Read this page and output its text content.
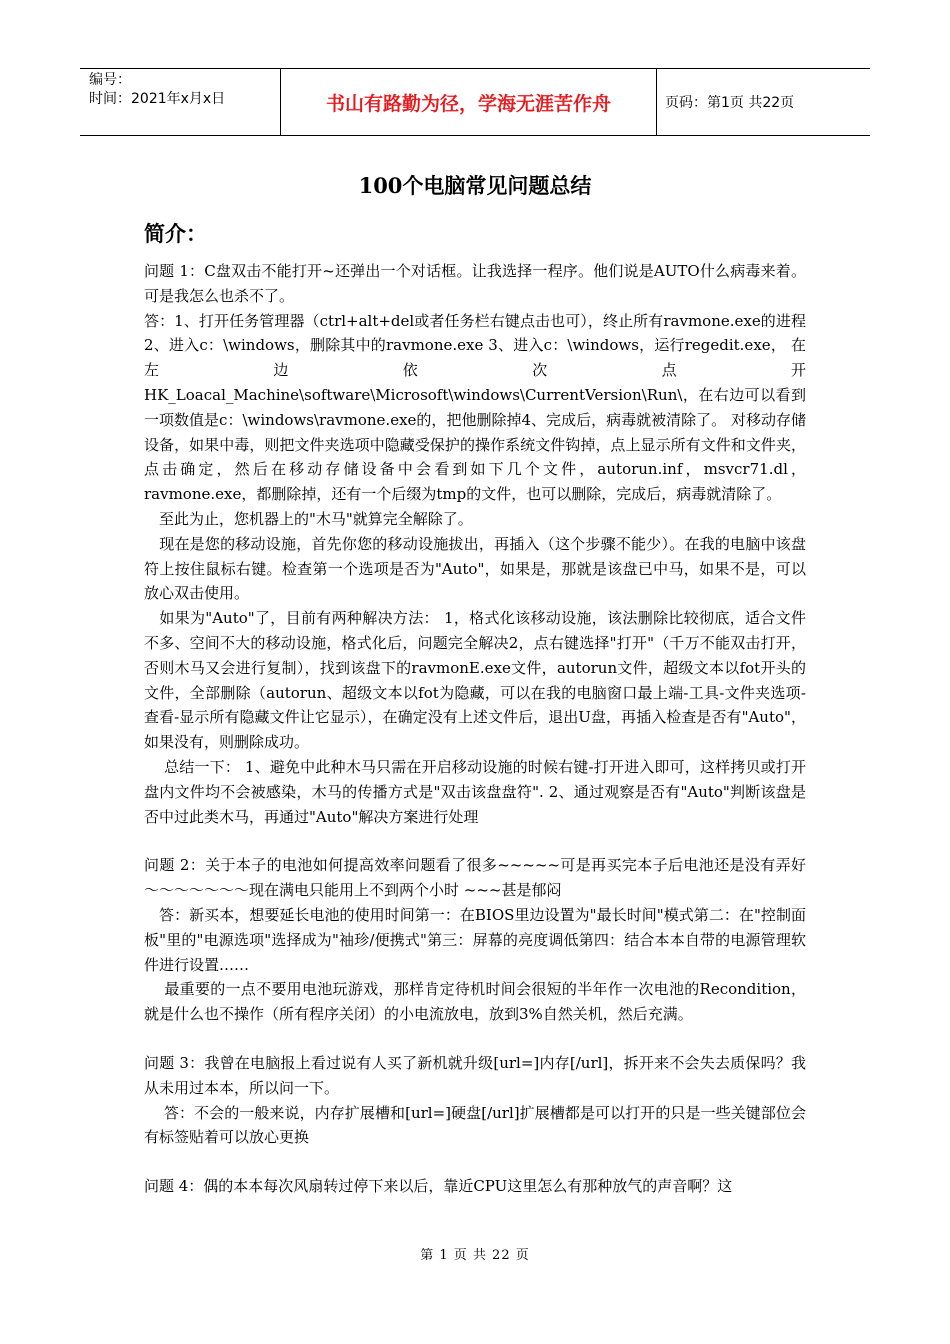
编号：
时间：2021年x月x日	书山有路勤为径，学海无涯苦作舟	页码：第1页 共22页
100个电脑常见问题总结
简介：

问题 1：C盘双击不能打开~还弹出一个对话框。让我选择一程序。他们说是AUTO什么病毒来着。可是我怎么也杀不了。

答：1、打开任务管理器（ctrl+alt+del或者任务栏右键点击也可），终止所有ravmone.exe的进程2、进入c：\windows，删除其中的ravmone.exe 3、进入c：\windows，运行regedit.exe， 在 左 边 依 次 点 开 HK_Loacal_Machine\software\Microsoft\windows\CurrentVersion\Run\，在右边可以看到一项数值是c：\windows\ravmone.exe的，把他删除掉4、完成后，病毒就被清除了。 对移动存储设备，如果中毒，则把文件夹选项中隐藏受保护的操作系统文件钩掉，点上显示所有文件和文件夹，点击确定，然后在移动存储设备中会看到如下几个文件，autorun.inf，msvcr71.dl，ravmone.exe，都删除掉，还有一个后缀为tmp的文件，也可以删除，完成后，病毒就清除了。

　至此为止，您机器上的"木马"就算完全解除了。

　现在是您的移动设施，首先你您的移动设施拔出，再插入（这个步骤不能少）。在我的电脑中该盘符上按住鼠标右键。检查第一个选项是否为"Auto"，如果是，那就是该盘已中马，如果不是，可以放心双击使用。

　如果为"Auto"了，目前有两种解决方法： 1，格式化该移动设施，该法删除比较彻底，适合文件不多、空间不大的移动设施，格式化后，问题完全解决2，点右键选择"打开"（千万不能双击打开，否则木马又会进行复制），找到该盘下的ravmonE.exe文件，autorun文件，超级文本以fot开头的文件，全部删除（autorun、超级文本以fot为隐藏，可以在我的电脑窗口最上端-工具-文件夹选项-查看-显示所有隐藏文件让它显示），在确定没有上述文件后，退出U盘，再插入检查是否有"Auto"，如果没有，则删除成功。

　 总结一下： 1、避免中此种木马只需在开启移动设施的时候右键-打开进入即可，这样拷贝或打开盘内文件均不会被感染，木马的传播方式是"双击该盘盘符". 2、通过观察是否有"Auto"判断该盘是否中过此类木马，再通过"Auto"解决方案进行处理

问题 2：关于本子的电池如何提高效率问题看了很多~~~~~可是再买完本子后电池还是没有弄好～～～～～～～现在满电只能用上不到两个小时 ~~~甚是郁闷

　答：新买本，想要延长电池的使用时间第一：在BIOS里边设置为"最长时间"模式第二：在"控制面板"里的"电源选项"选择成为"袖珍/便携式"第三：屏幕的亮度调低第四：结合本本自带的电源管理软件进行设置……

　 最重要的一点不要用电池玩游戏，那样肯定待机时间会很短的半年作一次电池的Recondition，就是什么也不操作（所有程序关闭）的小电流放电，放到3%自然关机，然后充满。

问题 3：我曾在电脑报上看过说有人买了新机就升级[url=]内存[/url]，拆开来不会失去质保吗？我从未用过本本，所以问一下。

　 答：不会的一般来说，内存扩展槽和[url=]硬盘[/url]扩展槽都是可以打开的只是一些关键部位会有标签贴着可以放心更换

问题 4：偶的本本每次风扇转过停下来以后，靠近CPU这里怎么有那种放气的声音啊？这

第 1 页 共 22 页
